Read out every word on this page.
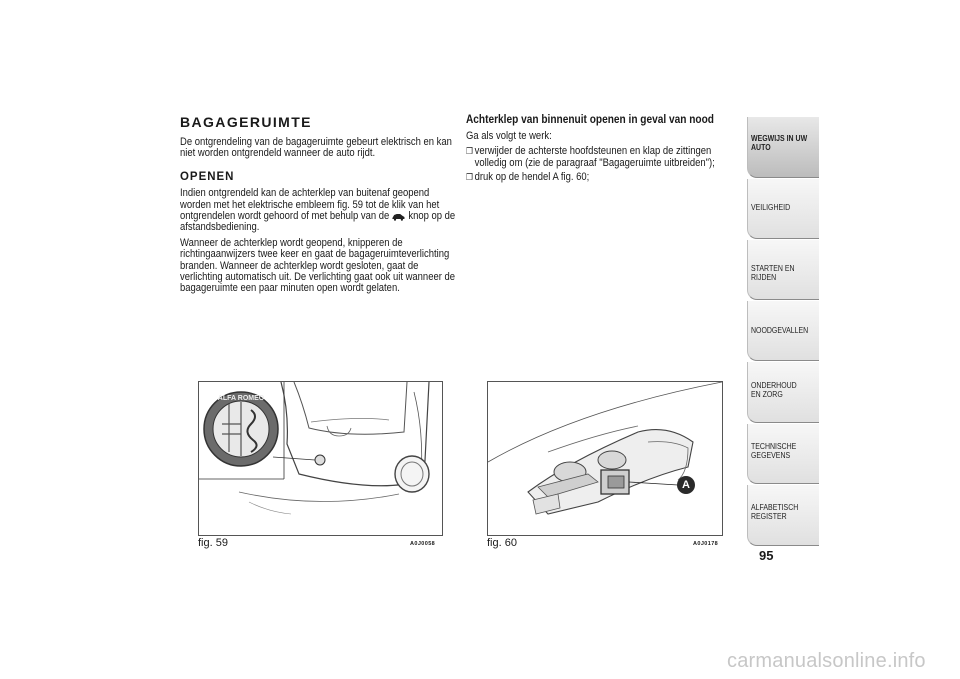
BAGAGERUIMTE

De ontgrendeling van de bagageruimte gebeurt elektrisch en kan niet worden ontgrendeld wanneer de auto rijdt.

OPENEN

Indien ontgrendeld kan de achterklep van buitenaf geopend worden met het elektrische embleem fig. 59 tot de klik van het ontgrendelen wordt gehoord of met behulp van de knop op de afstandsbediening.

Wanneer de achterklep wordt geopend, knipperen de richtingaanwijzers twee keer en gaat de bagageruimteverlichting branden. Wanneer de achterklep wordt gesloten, gaat de verlichting automatisch uit. De verlichting gaat ook uit wanneer de bagageruimte een paar minuten open wordt gelaten.

Achterklep van binnenuit openen in geval van nood

Ga als volgt te werk:

❒ verwijder de achterste hoofdsteunen en klap de zittingen volledig om (zie de paragraaf "Bagageruimte uitbreiden");
❒ druk op de hendel A fig. 60;
ALFA ROMEO
fig. 59	A0J0058
A
fig. 60	A0J0178
WEGWIJS IN UW AUTO
VEILIGHEID
STARTEN EN RIJDEN
NOODGEVALLEN
ONDERHOUD EN ZORG
TECHNISCHE GEGEVENS
ALFABETISCH REGISTER
95
carmanualsonline.info
